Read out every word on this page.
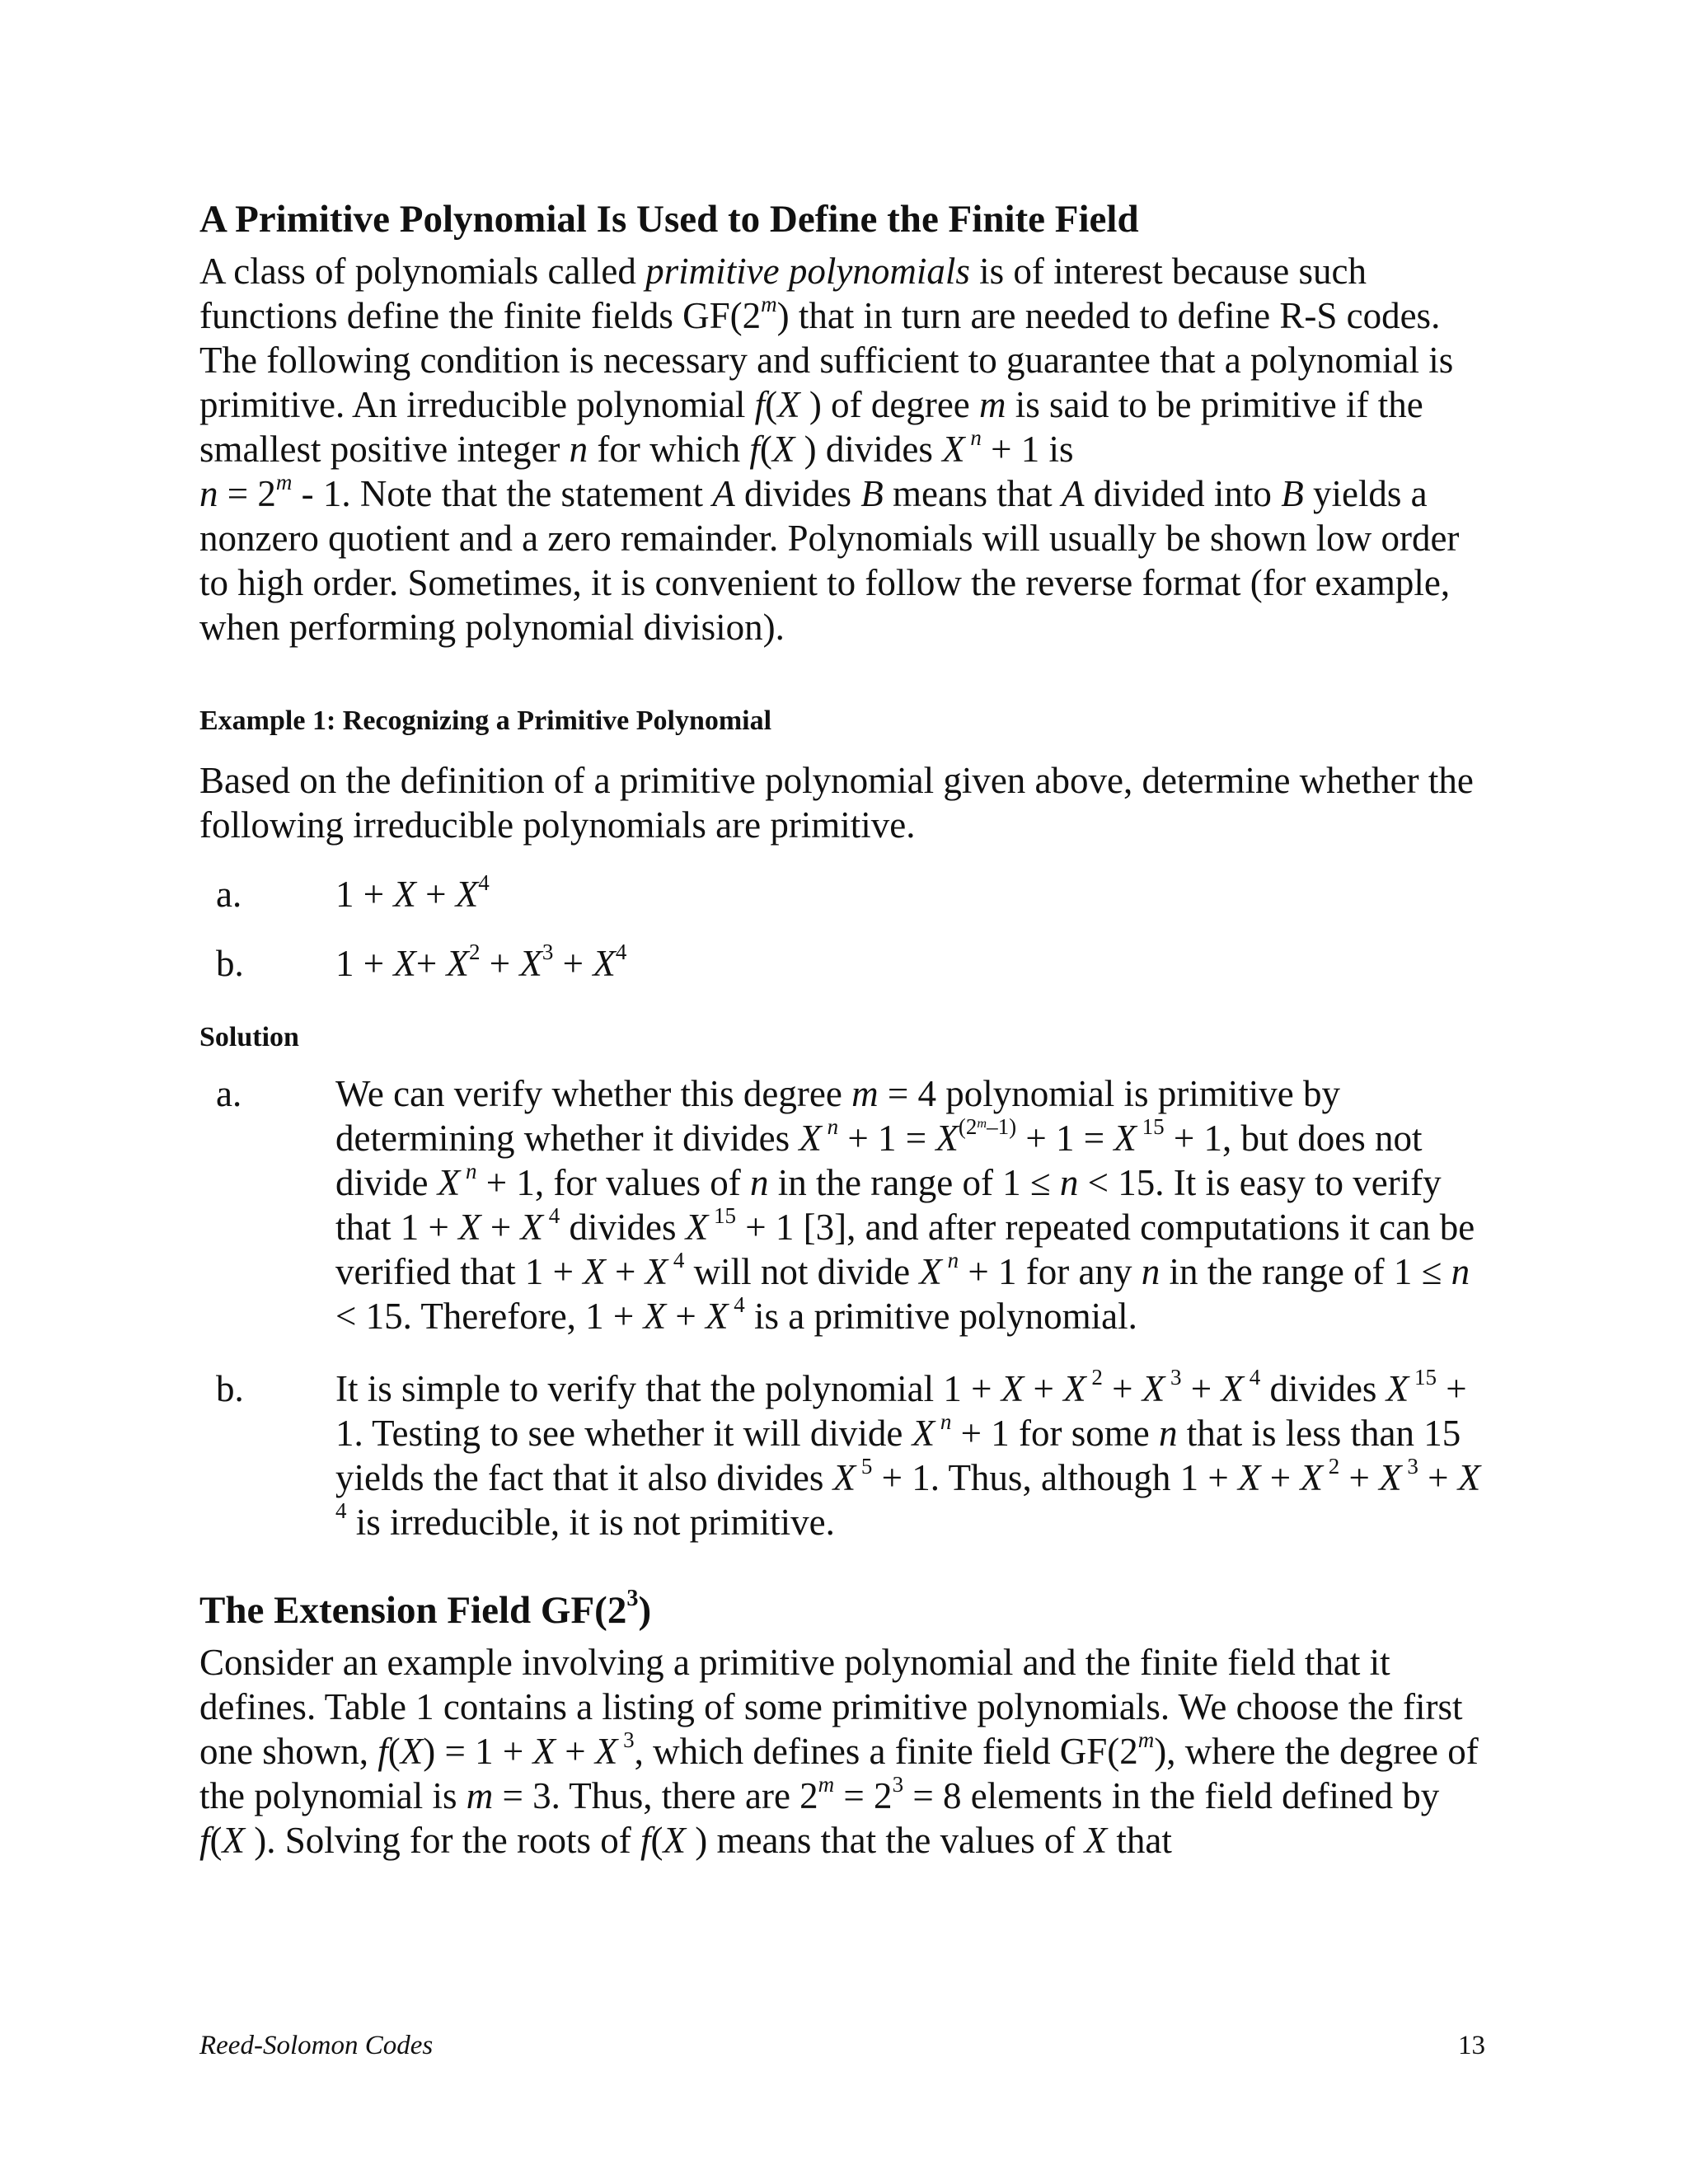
A Primitive Polynomial Is Used to Define the Finite Field

A class of polynomials called primitive polynomials is of interest because such functions define the finite fields GF(2$^m$) that in turn are needed to define R-S codes. The following condition is necessary and sufficient to guarantee that a polynomial is primitive. An irreducible polynomial f(X ) of degree m is said to be primitive if the smallest positive integer n for which f(X ) divides X $^n$ + 1 is
$n = 2^m - 1$. Note that the statement A divides B means that A divided into B yields a nonzero quotient and a zero remainder. Polynomials will usually be shown low order to high order. Sometimes, it is convenient to follow the reverse format (for example, when performing polynomial division).

Example 1: Recognizing a Primitive Polynomial

Based on the definition of a primitive polynomial given above, determine whether the following irreducible polynomials are primitive.

a.	$1 + X + X^4$
b.	$1 + X+ X^2 + X^3 + X^4$
Solution
a.	We can verify whether this degree m = 4 polynomial is primitive by determining whether it divides X $^n + 1 = X^{(2^m-1)} + 1 = X$ $^{15}$ + 1, but does not divide X $^n$ + 1, for values of n in the range of 1 ≤ n < 15. It is easy to verify that 1 + X + X $^4$ divides X $^{15}$ + 1 [3], and after repeated computations it can be verified that 1 + X + X $^4$ will not divide X $^n$ + 1 for any n in the range of 1 ≤ n < 15. Therefore, 1 + X + X $^4$ is a primitive polynomial.
b.	It is simple to verify that the polynomial 1 + X + X $^2$ + X $^3$ + X $^4$ divides X $^{15}$ + 1. Testing to see whether it will divide X $^n$ + 1 for some n that is less than 15 yields the fact that it also divides X $^5$ + 1. Thus, although 1 + X + X $^2$ + X $^3$ + X $^4$ is irreducible, it is not primitive.
The Extension Field $GF(2^3)$

Consider an example involving a primitive polynomial and the finite field that it defines. Table 1 contains a listing of some primitive polynomials. We choose the first one shown, f(X) = 1 + X + X $^3$, which defines a finite field GF(2$^m$), where the degree of the polynomial is m = 3. Thus, there are $2^m = 2^3 = 8$ elements in the field defined by f(X ). Solving for the roots of f(X ) means that the values of X that

Reed-Solomon Codes	13
